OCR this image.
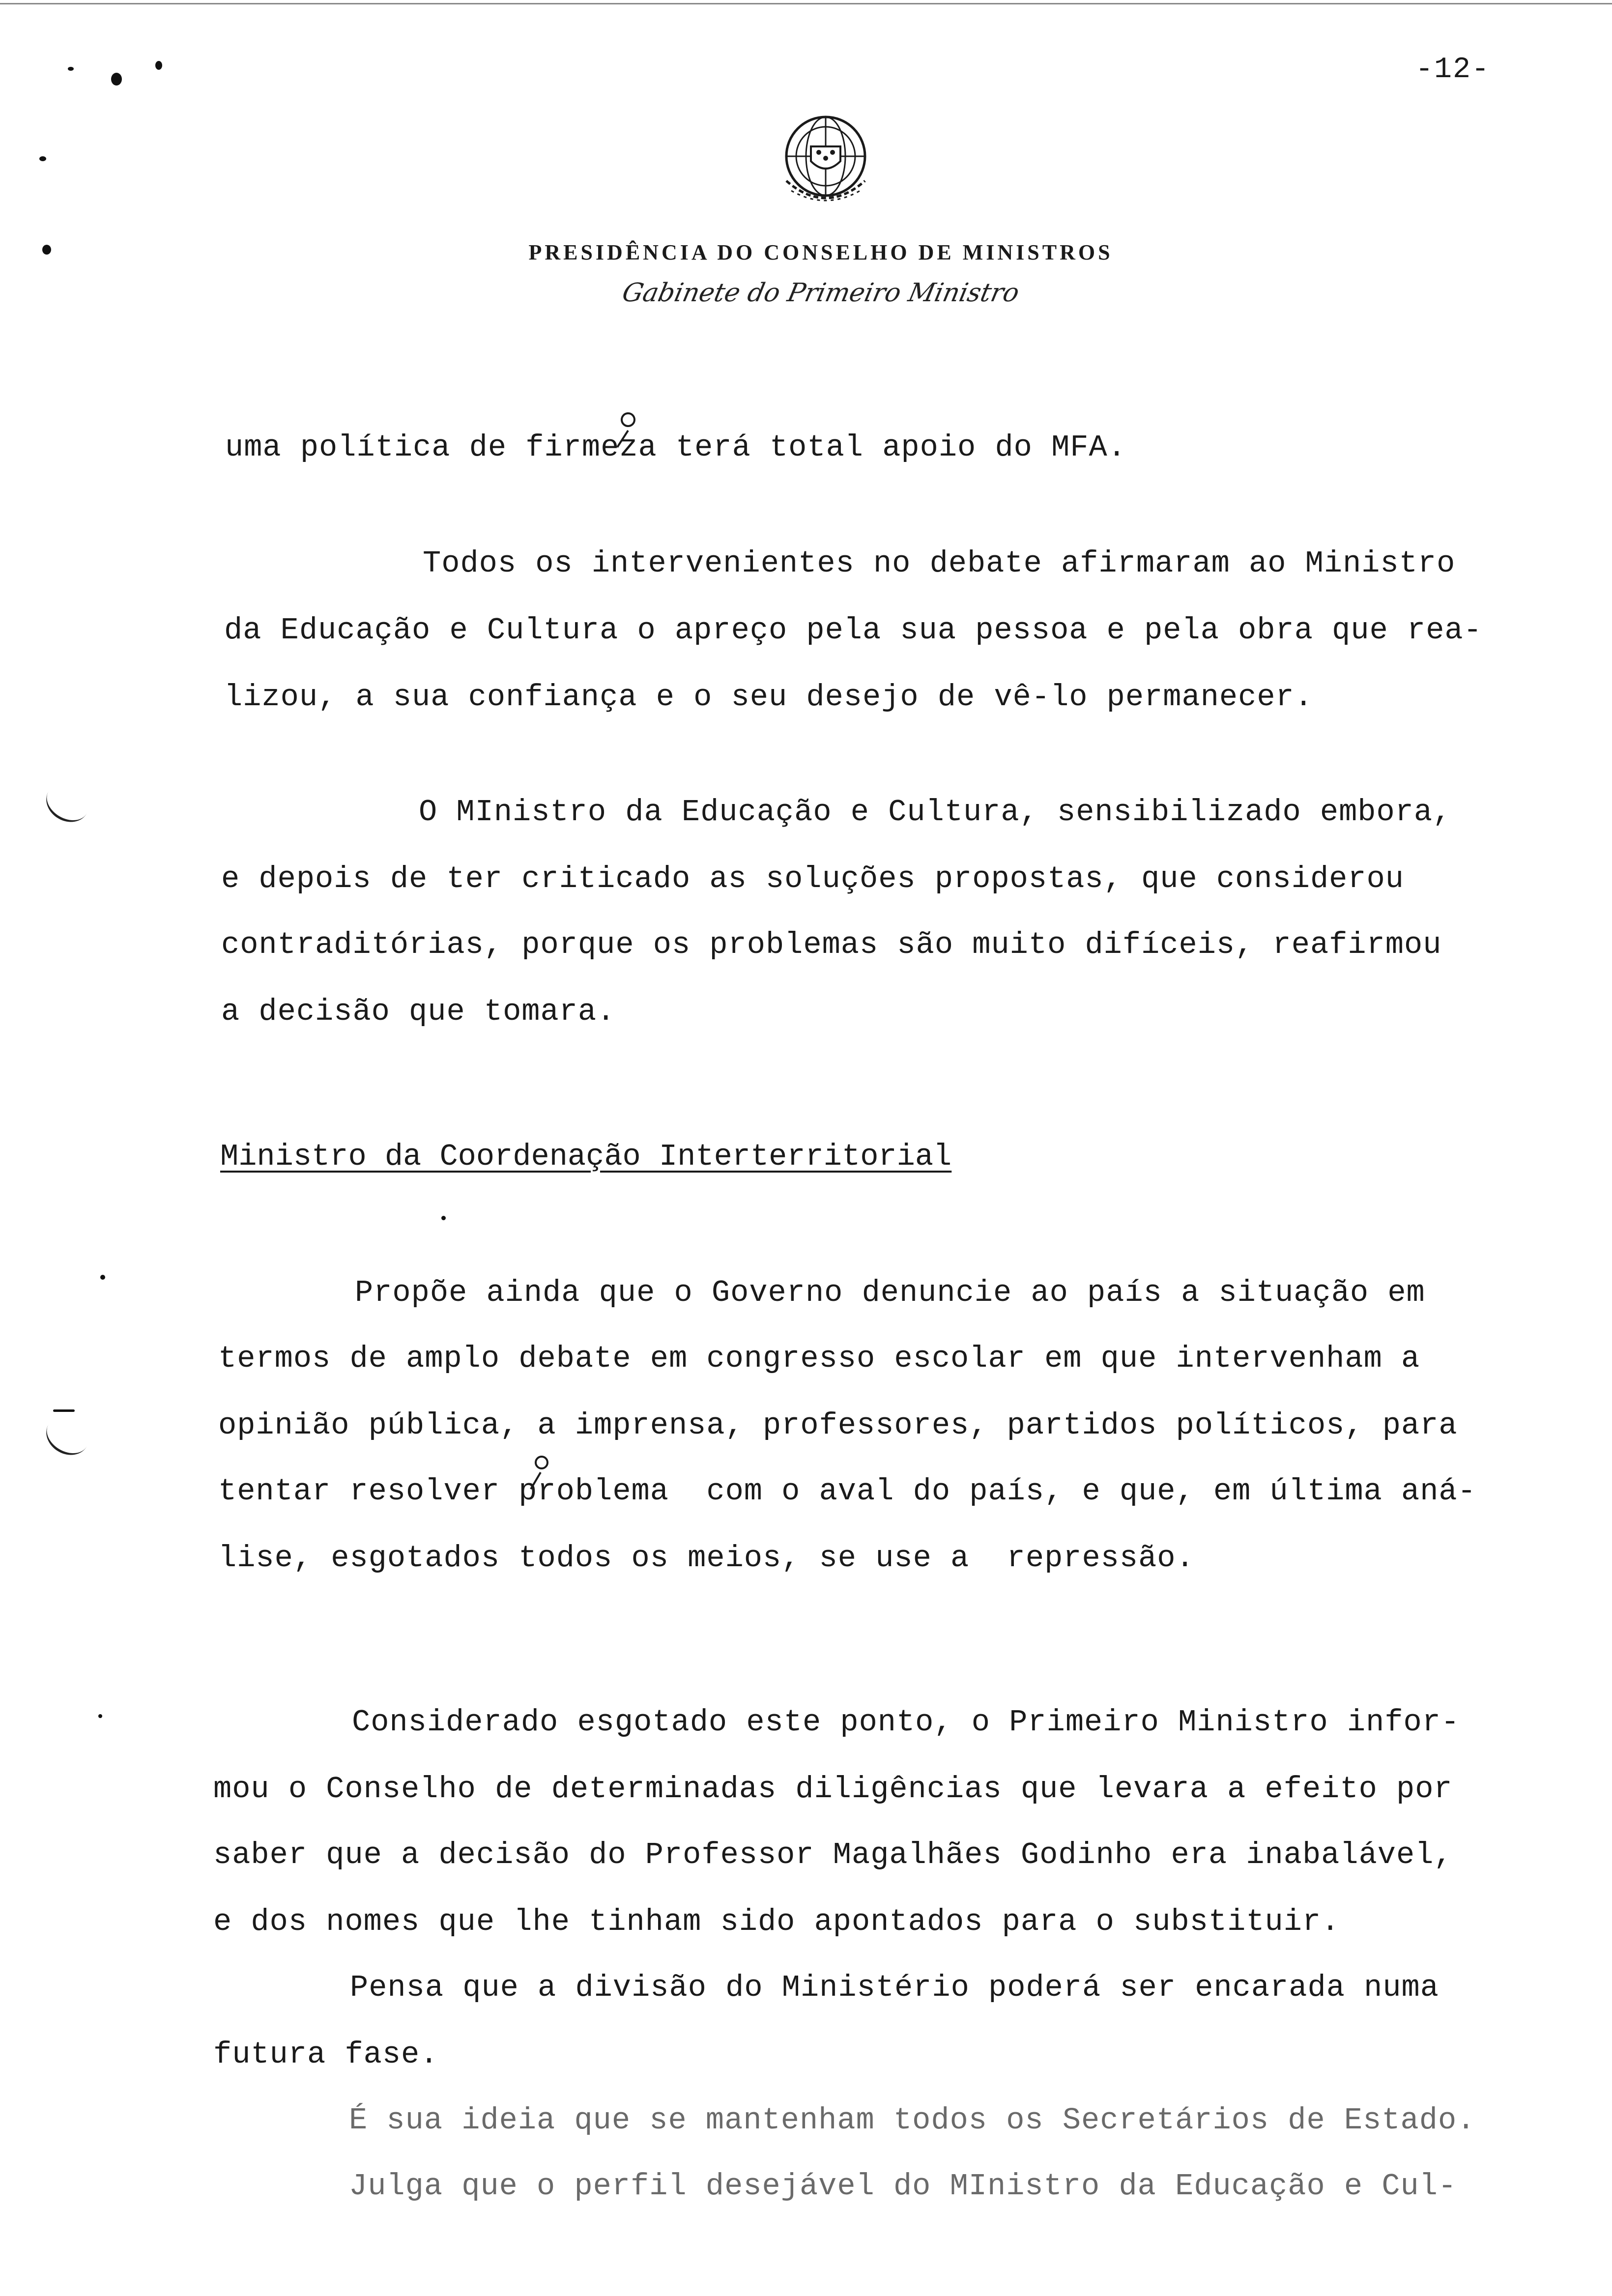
-12-
PRESIDÊNCIA DO CONSELHO DE MINISTROS
Gabinete do Primeiro Ministro
uma política de firmeza terá total apoio do MFA.
Todos os intervenientes no debate afirmaram ao Ministro
da Educação e Cultura o apreço pela sua pessoa e pela obra que rea-
lizou, a sua confiança e o seu desejo de vê-lo permanecer.
O MInistro da Educação e Cultura, sensibilizado embora,
e depois de ter criticado as soluções propostas, que considerou
contraditórias, porque os problemas são muito difíceis, reafirmou
a decisão que tomara.
Ministro da Coordenação Interterritorial
Propõe ainda que o Governo denuncie ao país a situação em
termos de amplo debate em congresso escolar em que intervenham a
opinião pública, a imprensa, professores, partidos políticos, para
tentar resolver problema  com o aval do país, e que, em última aná-
lise, esgotados todos os meios, se use a  repressão.
Considerado esgotado este ponto, o Primeiro Ministro infor-
mou o Conselho de determinadas diligências que levara a efeito por
saber que a decisão do Professor Magalhães Godinho era inabalável,
e dos nomes que lhe tinham sido apontados para o substituir.
Pensa que a divisão do Ministério poderá ser encarada numa
futura fase.
É sua ideia que se mantenham todos os Secretários de Estado.
Julga que o perfil desejável do MInistro da Educação e Cul-
